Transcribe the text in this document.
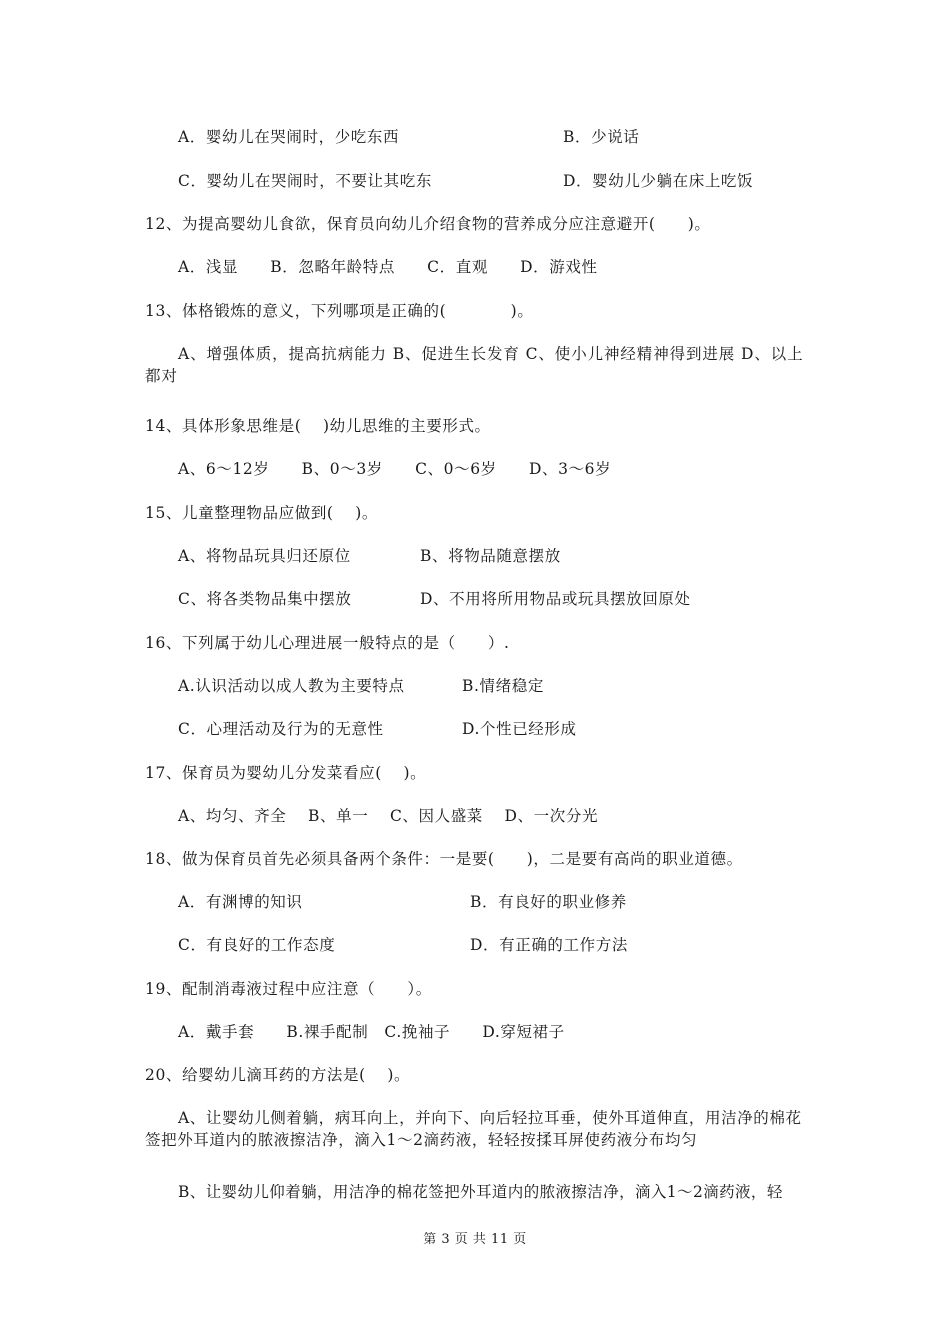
A．婴幼儿在哭闹时，少吃东西	B．少说话
C．婴幼儿在哭闹时，不要让其吃东	D．婴幼儿少躺在床上吃饭
12、为提高婴幼儿食欲，保育员向幼儿介绍食物的营养成分应注意避开(　　)。
A．浅显　　B．忽略年龄特点　　C．直观　　D．游戏性
13、体格锻炼的意义，下列哪项是正确的(　　　　)。
A、增强体质，提高抗病能力 B、促进生长发育 C、使小儿神经精神得到进展 D、以上都对
14、具体形象思维是(　 )幼儿思维的主要形式。
A、6～12岁　　B、0～3岁　　C、0～6岁　　D、3～6岁
15、儿童整理物品应做到(　 )。
A、将物品玩具归还原位	B、将物品随意摆放
C、将各类物品集中摆放	D、不用将所用物品或玩具摆放回原处
16、下列属于幼儿心理进展一般特点的是（　　）.
A.认识活动以成人教为主要特点	B.情绪稳定
C．心理活动及行为的无意性	D.个性已经形成
17、保育员为婴幼儿分发菜看应(　 )。
A、均匀、齐全　 B、单一　 C、因人盛菜　 D、一次分光
18、做为保育员首先必须具备两个条件：一是要(　　)，二是要有高尚的职业道德。
A．有渊博的知识	B．有良好的职业修养
C．有良好的工作态度	D．有正确的工作方法
19、配制消毒液过程中应注意（　　）。
A．戴手套　　B.裸手配制　C.挽袖子　　D.穿短裙子
20、给婴幼儿滴耳药的方法是(　 )。
A、让婴幼儿侧着躺，病耳向上，并向下、向后轻拉耳垂，使外耳道伸直，用洁净的棉花签把外耳道内的脓液擦洁净，滴入1～2滴药液，轻轻按揉耳屏使药液分布均匀
B、让婴幼儿仰着躺，用洁净的棉花签把外耳道内的脓液擦洁净，滴入1～2滴药液，轻
第 3 页 共 11 页
